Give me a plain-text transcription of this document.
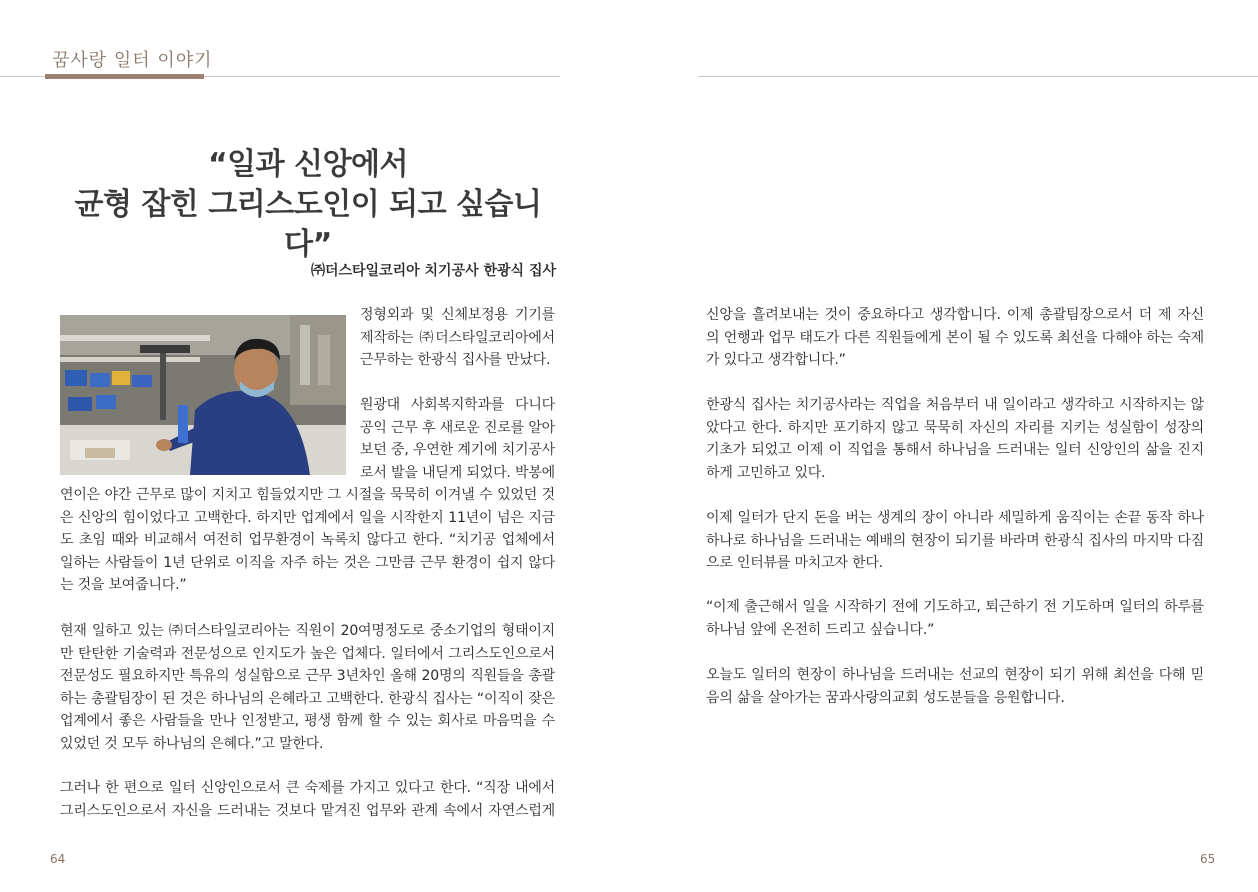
꿈사랑 일터 이야기
“일과 신앙에서
균형 잡힌 그리스도인이 되고 싶습니다”
㈜더스타일코리아 치기공사 한광식 집사
정형외과 및 신체보정용 기기를
제작하는 ㈜더스타일코리아에서
근무하는 한광식 집사를 만났다.
원광대 사회복지학과를 다니다
공익 근무 후 새로운 진로를 알아
보던 중, 우연한 계기에 치기공사
로서 발을 내딛게 되었다. 박봉에
연이은 야간 근무로 많이 지치고 힘들었지만 그 시절을 묵묵히 이겨낼 수 있었던 것
은 신앙의 힘이었다고 고백한다. 하지만 업계에서 일을 시작한지 11년이 넘은 지금
도 초임 때와 비교해서 여전히 업무환경이 녹록치 않다고 한다. “치기공 업체에서
일하는 사람들이 1년 단위로 이직을 자주 하는 것은 그만큼 근무 환경이 쉽지 않다
는 것을 보여줍니다.”
현재 일하고 있는 ㈜더스타일코리아는 직원이 20여명정도로 중소기업의 형태이지
만 탄탄한 기술력과 전문성으로 인지도가 높은 업체다. 일터에서 그리스도인으로서
전문성도 필요하지만 특유의 성실함으로 근무 3년차인 올해 20명의 직원들을 총괄
하는 총괄팀장이 된 것은 하나님의 은혜라고 고백한다. 한광식 집사는 “이직이 잦은
업계에서 좋은 사람들을 만나 인정받고, 평생 함께 할 수 있는 회사로 마음먹을 수
있었던 것 모두 하나님의 은혜다.”고 말한다.
그러나 한 편으로 일터 신앙인으로서 큰 숙제를 가지고 있다고 한다. “직장 내에서
그리스도인으로서 자신을 드러내는 것보다 맡겨진 업무와 관계 속에서 자연스럽게
신앙을 흘려보내는 것이 중요하다고 생각합니다. 이제 총괄팀장으로서 더 제 자신
의 언행과 업무 태도가 다른 직원들에게 본이 될 수 있도록 최선을 다해야 하는 숙제
가 있다고 생각합니다.”
한광식 집사는 치기공사라는 직업을 처음부터 내 일이라고 생각하고 시작하지는 않
았다고 한다. 하지만 포기하지 않고 묵묵히 자신의 자리를 지키는 성실함이 성장의
기초가 되었고 이제 이 직업을 통해서 하나님을 드러내는 일터 신앙인의 삶을 진지
하게 고민하고 있다.
이제 일터가 단지 돈을 버는 생계의 장이 아니라 세밀하게 움직이는 손끝 동작 하나
하나로 하나님을 드러내는 예배의 현장이 되기를 바라며 한광식 집사의 마지막 다짐
으로 인터뷰를 마치고자 한다.
“이제 출근해서 일을 시작하기 전에 기도하고, 퇴근하기 전 기도하며 일터의 하루를
하나님 앞에 온전히 드리고 싶습니다.”
오늘도 일터의 현장이 하나님을 드러내는 선교의 현장이 되기 위해 최선을 다해 믿
음의 삶을 살아가는 꿈과사랑의교회 성도분들을 응원합니다.
64	65
